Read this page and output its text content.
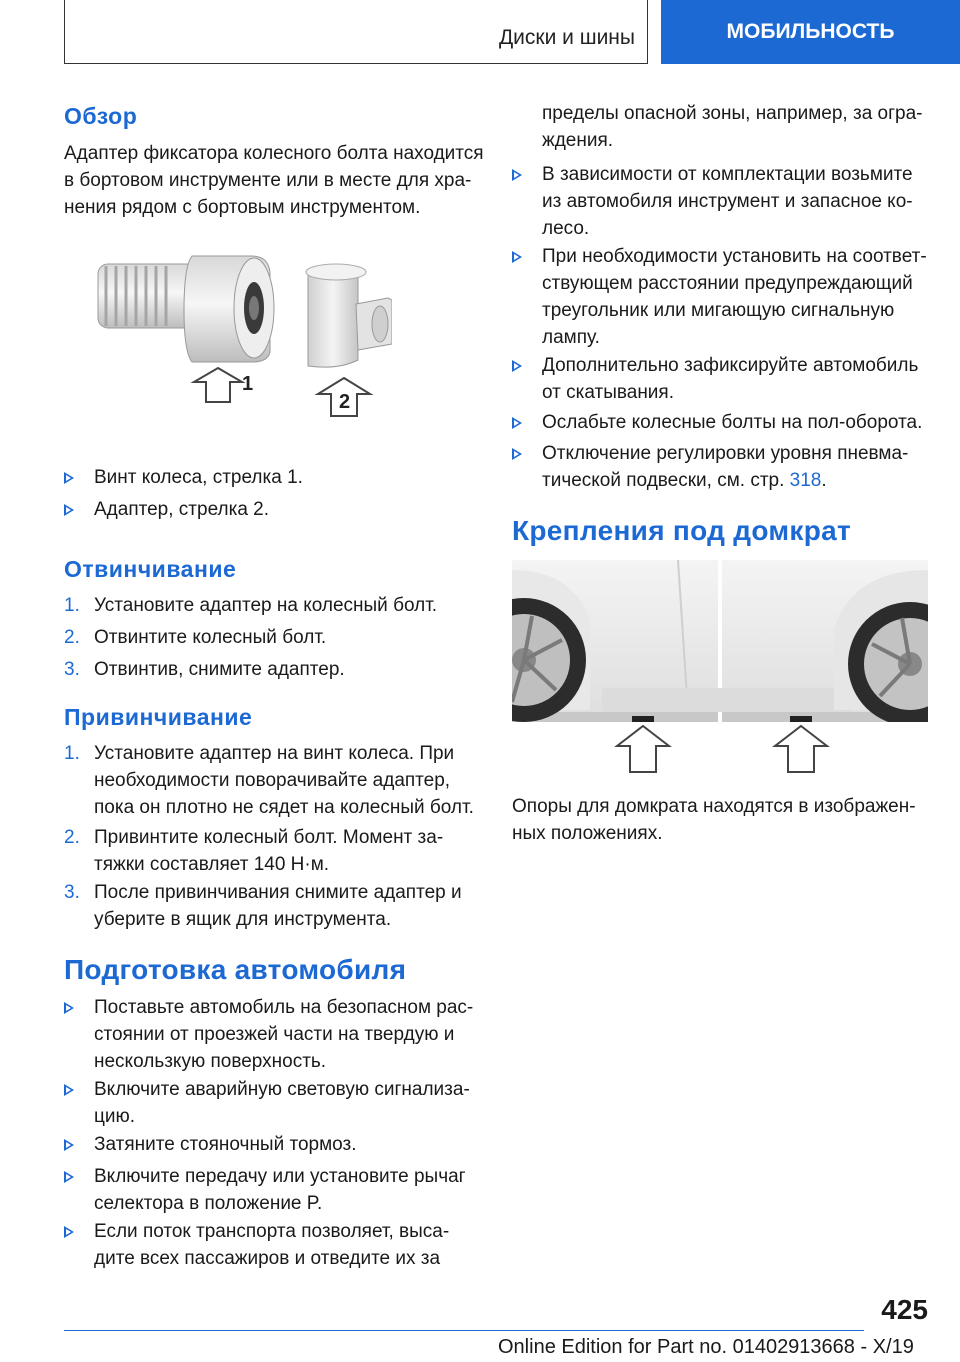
Диски и шины	МОБИЛЬНОСТЬ
Обзор
Адаптер фиксатора колесного болта находится
в бортовом инструменте или в месте для хра-
нения рядом с бортовым инструментом.
1
2
Винт колеса, стрелка 1.
Адаптер, стрелка 2.
Отвинчивание
1. Установите адаптер на колесный болт.
2. Отвинтите колесный болт.
3. Отвинтив, снимите адаптер.
Привинчивание
1. Установите адаптер на винт колеса. При
необходимости поворачивайте адаптер,
пока он плотно не сядет на колесный болт.
2. Привинтите колесный болт. Момент за-
тяжки составляет 140 Н·м.
3. После привинчивания снимите адаптер и
уберите в ящик для инструмента.
Подготовка автомобиля
Поставьте автомобиль на безопасном рас-
стоянии от проезжей части на твердую и
нескользкую поверхность.
Включите аварийную световую сигнализа-
цию.
Затяните стояночный тормоз.
Включите передачу или установите рычаг
селектора в положение P.
Если поток транспорта позволяет, выса-
дите всех пассажиров и отведите их за
пределы опасной зоны, например, за огра-
ждения.
В зависимости от комплектации возьмите
из автомобиля инструмент и запасное ко-
лесо.
При необходимости установить на соответ-
ствующем расстоянии предупреждающий
треугольник или мигающую сигнальную
лампу.
Дополнительно зафиксируйте автомобиль
от скатывания.
Ослабьте колесные болты на пол-оборота.
Отключение регулировки уровня пневма-
тической подвески, см. стр. 318.
Крепления под домкрат
Опоры для домкрата находятся в изображен-
ных положениях.
425
Online Edition for Part no. 01402913668 - X/19
